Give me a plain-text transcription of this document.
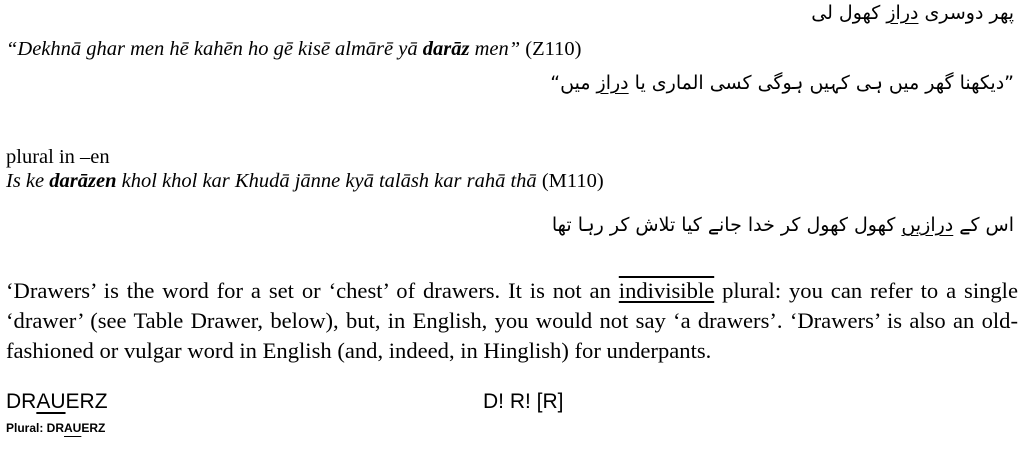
پھر دوسری دراز کھول لی
“Dekhnā ghar men hē kahēn ho gē kisē almārē yā darāz men” (Z110)
”دیکھنا گھر میں ہی کہیں ہوگی کسی الماری یا دراز میں“
plural in –en
Is ke darāzen khol khol kar Khudā jānne kyā talāsh kar rahā thā (M110)
اس کے درازیں کھول کھول کر خدا جانے کیا تلاش کر رہا تھا
‘Drawers’ is the word for a set or ‘chest’ of drawers. It is not an indivisible plural: you can refer to a single ‘drawer’ (see Table Drawer, below), but, in English, you would not say ‘a drawers’. ‘Drawers’ is also an old-fashioned or vulgar word in English (and, indeed, in Hinglish) for underpants.
DRAUERZ	D! R! [R]
Plural: DRAUERZ
